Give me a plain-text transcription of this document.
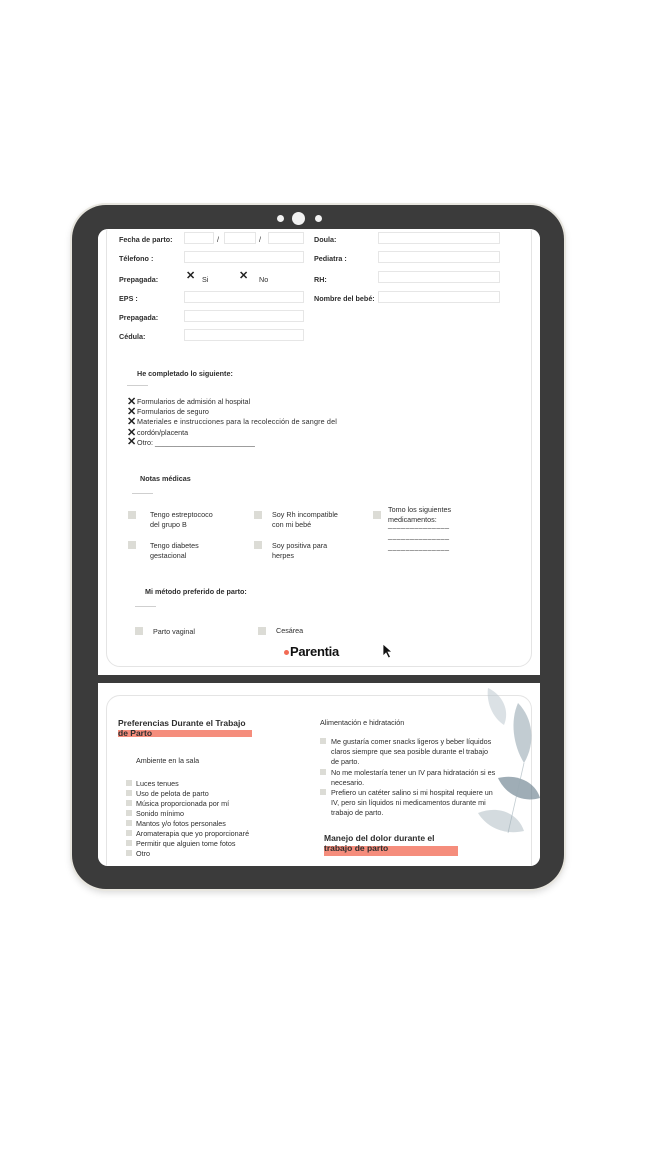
Fecha de parto:	/	/	Doula:
Télefono :	Pediatra :
Prepagada:	✕ Si	✕ No	RH:
EPS :	Nombre del bebé:
Prepagada:
Cédula:
He completado lo siguiente:
✕ Formularios de admisión al hospital
✕ Formularios de seguro
✕ Materiales e instrucciones para la recolección de sangre del
✕ cordón/placenta
✕ Otro: _________________________
Notas médicas
Tengo estreptococo
del grupo B
Soy Rh incompatible
con mi bebé
Tomo los siguientes
medicamentos:
______________
______________
______________
Tengo diabetes
gestacional
Soy positiva para
herpes
Mi método preferido de parto:
Parto vaginal	Cesárea
Parentia
Preferencias Durante el Trabajo
de Parto
Ambiente en la sala
Luces tenues
Uso de pelota de parto
Música proporcionada por mí
Sonido mínimo
Mantos y/o fotos personales
Aromaterapia que yo proporcionaré
Permitir que alguien tome fotos
Otro
Alimentación e hidratación
Me gustaría comer snacks ligeros y beber líquidos
claros siempre que sea posible durante el trabajo
de parto.
No me molestaría tener un IV para hidratación si es
necesario.
Prefiero un catéter salino si mi hospital requiere un
IV, pero sin líquidos ni medicamentos durante mi
trabajo de parto.
Manejo del dolor durante el
trabajo de parto
